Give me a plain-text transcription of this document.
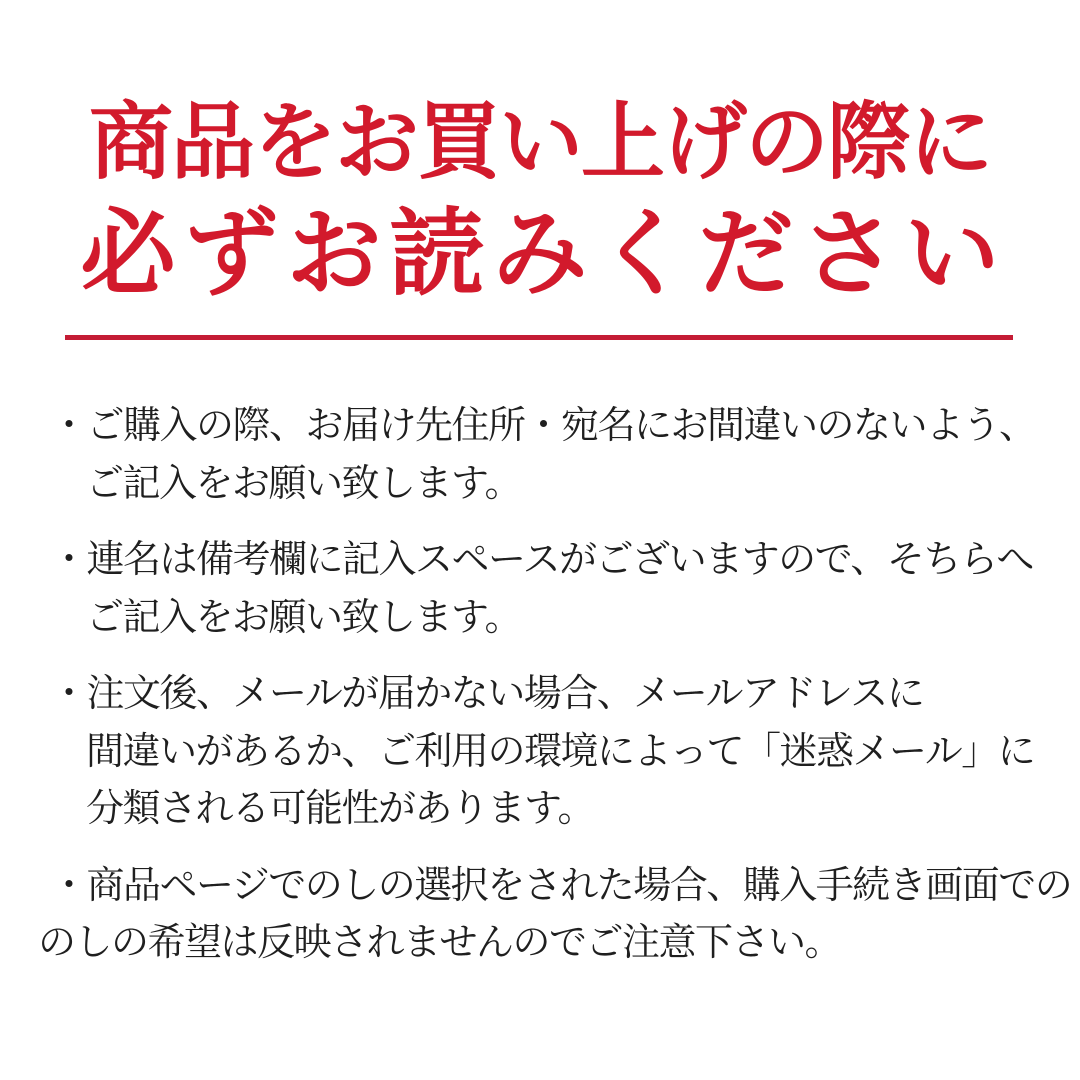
商品をお買い上げの際に
必ずお読みください
・ご購入の際、お届け先住所・宛名にお間違いのないよう、
ご記入をお願い致します。
・連名は備考欄に記入スペースがございますので、そちらへ
ご記入をお願い致します。
・注文後、メールが届かない場合、メールアドレスに
間違いがあるか、ご利用の環境によって「迷惑メール」に
分類される可能性があります。
・商品ページでのしの選択をされた場合、購入手続き画面での
のしの希望は反映されませんのでご注意下さい。
